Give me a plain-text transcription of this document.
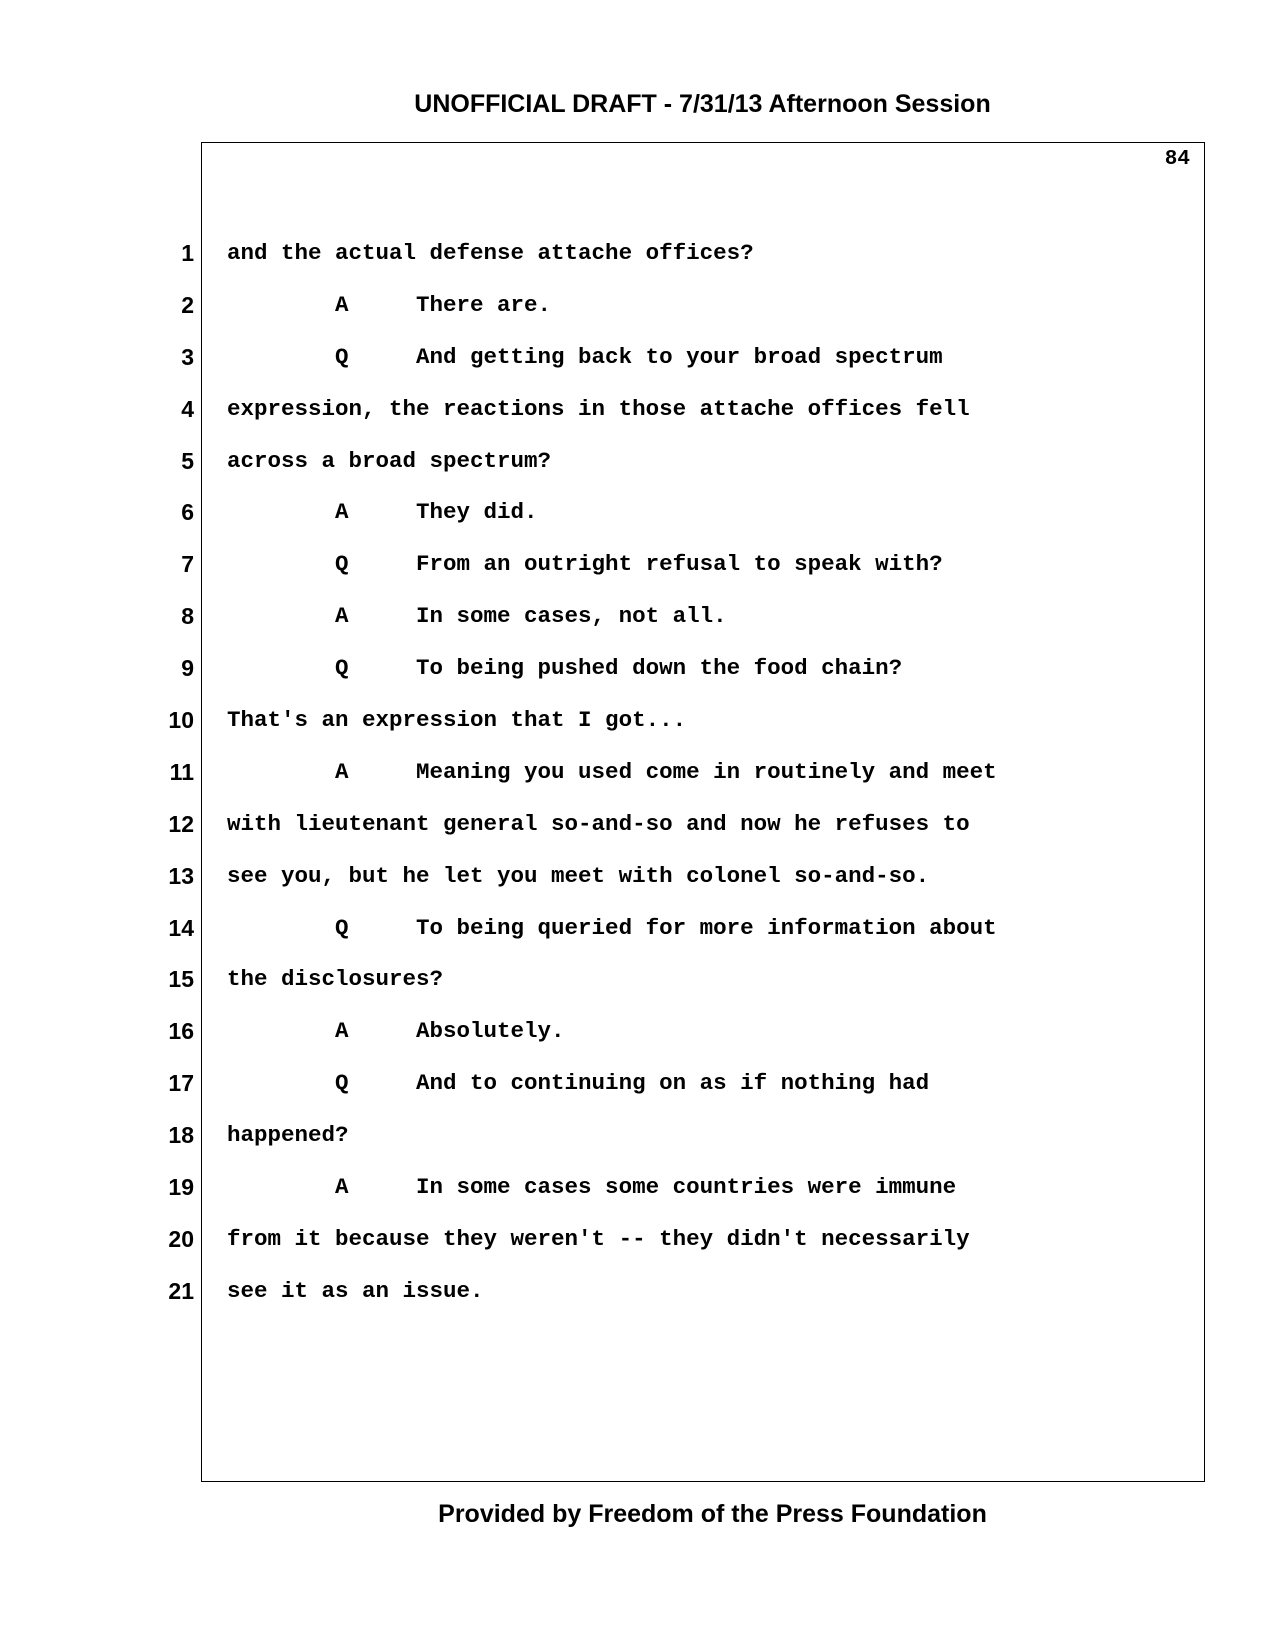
UNOFFICIAL DRAFT - 7/31/13 Afternoon Session
84
1
2
3
4
5
6
7
8
9
10
11
12
13
14
15
16
17
18
19
20
21
and the actual defense attache offices?
A     There are.
Q     And getting back to your broad spectrum
expression, the reactions in those attache offices fell
across a broad spectrum?
A     They did.
Q     From an outright refusal to speak with?
A     In some cases, not all.
Q     To being pushed down the food chain?
That's an expression that I got...
A     Meaning you used come in routinely and meet
with lieutenant general so-and-so and now he refuses to
see you, but he let you meet with colonel so-and-so.
Q     To being queried for more information about
the disclosures?
A     Absolutely.
Q     And to continuing on as if nothing had
happened?
A     In some cases some countries were immune
from it because they weren't -- they didn't necessarily
see it as an issue.
Provided by Freedom of the Press Foundation
